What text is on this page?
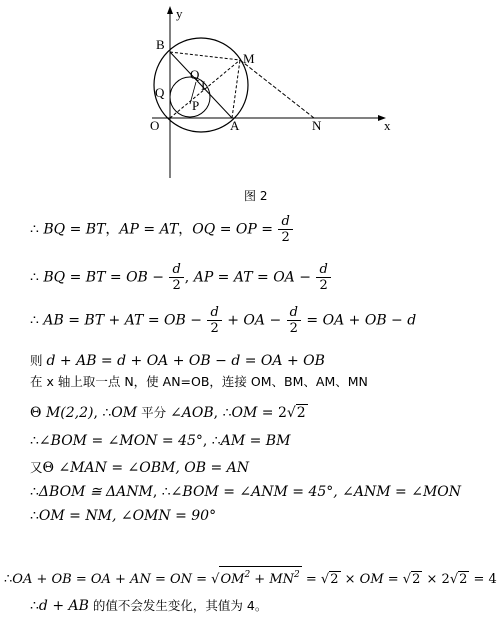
y
x
B
M
Q
I
Q
P
O	A	N
图 2
∴ BQ = BT，AP = AT，OQ = OP = $\frac{d}{2}$
∴ BQ = BT = OB − $\frac{d}{2}$ , AP = AT = OA − $\frac{d}{2}$
∴ AB = BT + AT = OB − $\frac{d}{2}$ + OA − $\frac{d}{2}$ = OA + OB − d
则 d + AB = d + OA + OB − d = OA + OB
在 x 轴上取一点 N，使 AN=OB，连接 OM、BM、AM、MN
Θ M(2,2), ∴OM 平分 ∠AOB, ∴OM = 2√2
∴∠BOM = ∠MON = 45°, ∴AM = BM
又Θ ∠MAN = ∠OBM, OB = AN
∴ΔBOM ≅ ΔANM, ∴∠BOM = ∠ANM = 45°, ∠ANM = ∠MON
∴OM = NM, ∠OMN = 90°
∴OA + OB = OA + AN = ON = $√OM^2 + MN^2 = √2$ × OM = √2 × 2√2 = 4
∴d + AB 的值不会发生变化，其值为 4。
